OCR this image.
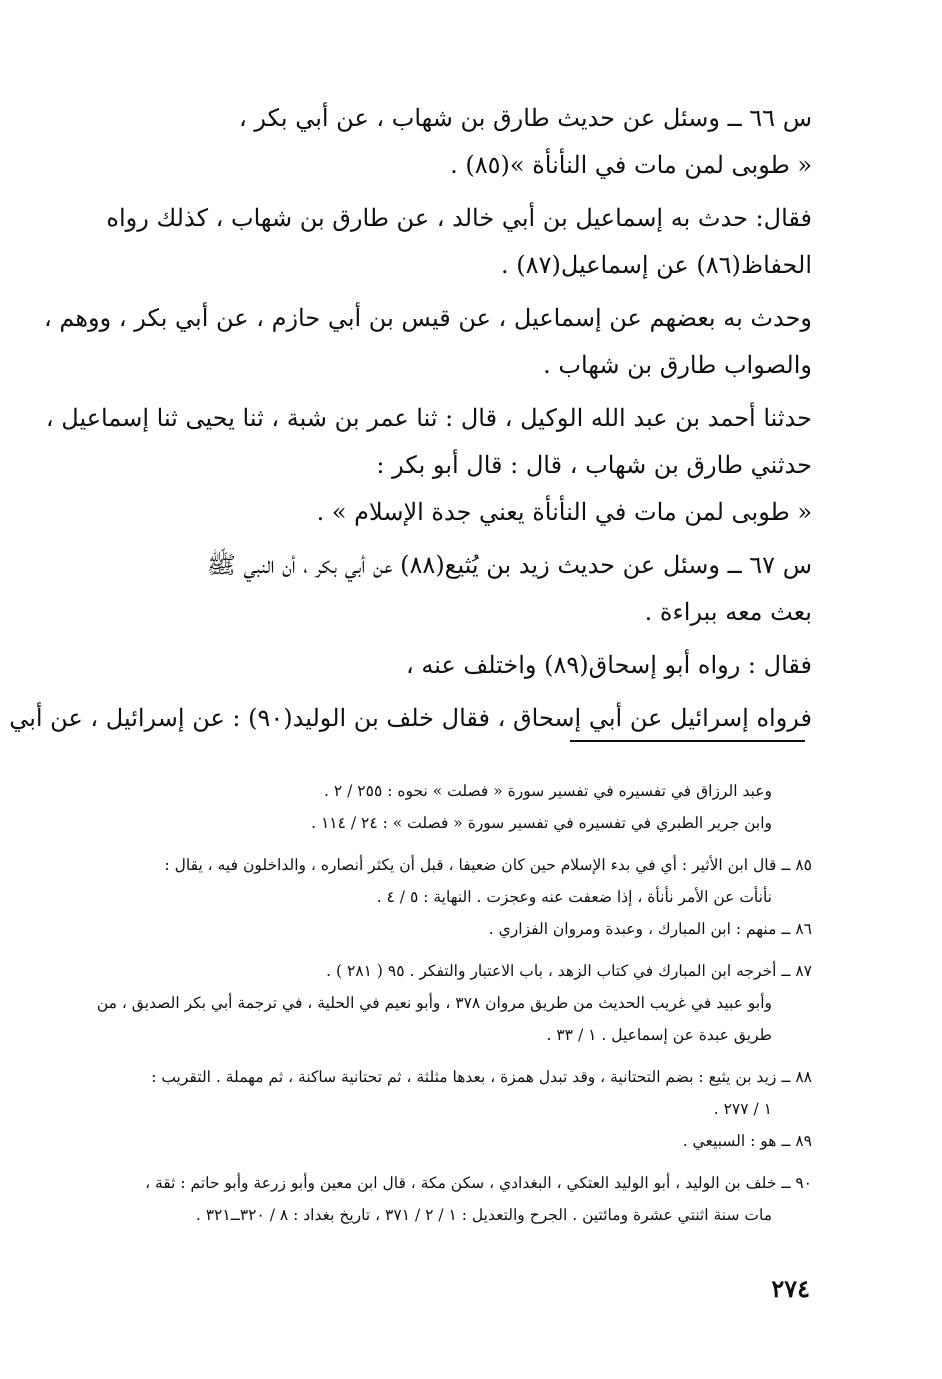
س ٦٦ ــ وسئل عن حديث طارق بن شهاب ، عن أبي بكر ،

« طوبى لمن مات في النأنأة »(٨٥) .

فقال: حدث به إسماعيل بن أبي خالد ، عن طارق بن شهاب ، كذلك رواه

الحفاظ(٨٦) عن إسماعيل(٨٧) .

وحدث به بعضهم عن إسماعيل ، عن قيس بن أبي حازم ، عن أبي بكر ، ووهم ،

والصواب طارق بن شهاب .

حدثنا أحمد بن عبد الله الوكيل ، قال : ثنا عمر بن شبة ، ثنا يحيى ثنا إسماعيل ،

حدثني طارق بن شهاب ، قال : قال أبو بكر :

« طوبى لمن مات في النأنأة يعني جدة الإسلام » .

س ٦٧ ــ وسئل عن حديث زيد بن يُثيع(٨٨) عن أبي بكر ، أن النبي ﷺ

بعث معه ببراءة .

فقال : رواه أبو إسحاق(٨٩) واختلف عنه ،

فرواه إسرائيل عن أبي إسحاق ، فقال خلف بن الوليد(٩٠) : عن إسرائيل ، عن أبي

وعبد الرزاق في تفسيره في تفسير سورة « فصلت » نحوه : ٢٥٥ / ٢ .

وابن جرير الطبري في تفسيره في تفسير سورة « فصلت » : ٢٤ / ١١٤ .

٨٥ ــ قال ابن الأثير : أي في بدء الإسلام حين كان ضعيفا ، قبل أن يكثر أنصاره ، والداخلون فيه ، يقال :

نأنأت عن الأمر نأنأة ، إذا ضعفت عنه وعجزت . النهاية : ٥ / ٤ .

٨٦ ــ منهم : ابن المبارك ، وعبدة ومروان الفزاري .

٨٧ ــ أخرجه ابن المبارك في كتاب الزهد ، باب الاعتبار والتفكر . ٩٥ ( ٢٨١ ) .

وأبو عبيد في غريب الحديث من طريق مروان ٣٧٨ ، وأبو نعيم في الحلية ، في ترجمة أبي بكر الصديق ، من

طريق عبدة عن إسماعيل . ١ / ٣٣ .

٨٨ ــ زيد بن يثيع : بضم التحتانية ، وقد تبدل همزة ، بعدها مثلثة ، ثم تحتانية ساكنة ، ثم مهملة . التقريب :

١ / ٢٧٧ .

٨٩ ــ هو : السبيعي .

٩٠ ــ خلف بن الوليد ، أبو الوليد العتكي ، البغدادي ، سكن مكة ، قال ابن معين وأبو زرعة وأبو حاتم : ثقة ،

مات سنة اثنتي عشرة ومائتين . الجرح والتعديل : ١ / ٢ / ٣٧١ ، تاريخ بغداد : ٨ / ٣٢٠ــ٣٢١ .

٢٧٤
